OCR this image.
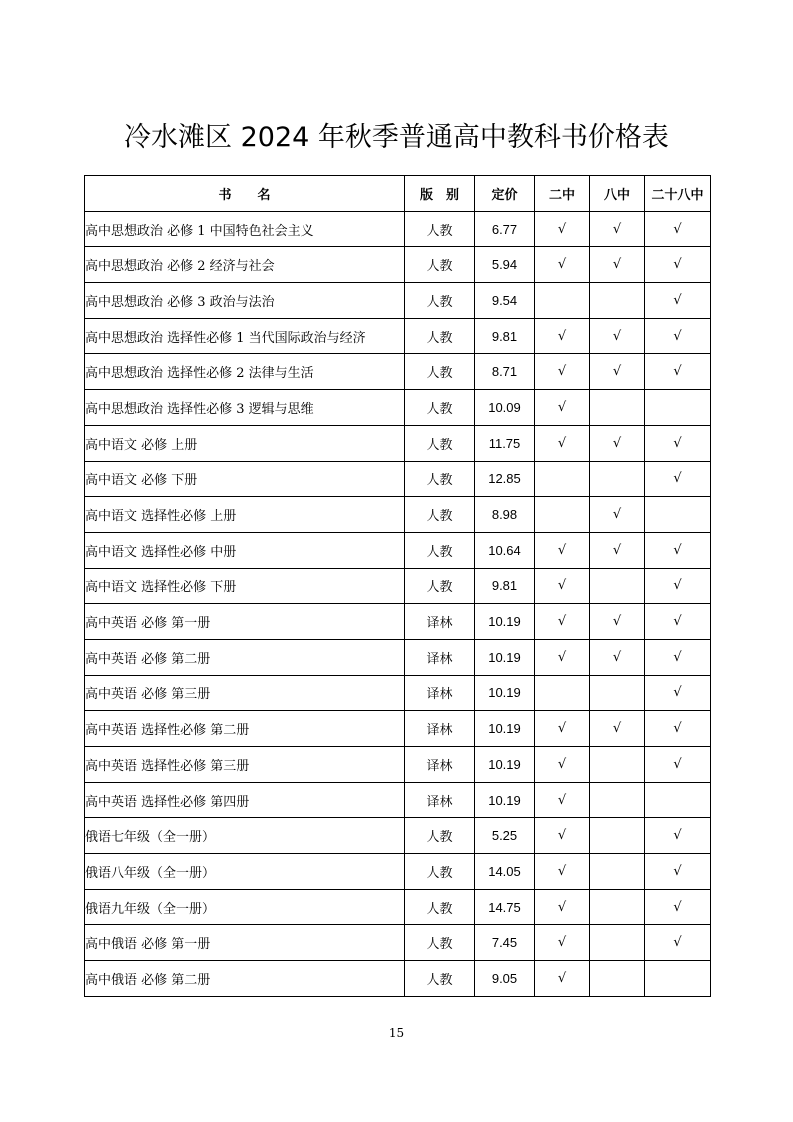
冷水滩区 2024 年秋季普通高中教科书价格表
书　　名	版　别	定价	二中	八中	二十八中
高中思想政治 必修 1 中国特色社会主义	人教	6.77	√	√	√
高中思想政治 必修 2 经济与社会	人教	5.94	√	√	√
高中思想政治 必修 3 政治与法治	人教	9.54			√
高中思想政治 选择性必修 1 当代国际政治与经济	人教	9.81	√	√	√
高中思想政治 选择性必修 2 法律与生活	人教	8.71	√	√	√
高中思想政治 选择性必修 3 逻辑与思维	人教	10.09	√		
高中语文 必修 上册	人教	11.75	√	√	√
高中语文 必修 下册	人教	12.85			√
高中语文 选择性必修 上册	人教	8.98		√	
高中语文 选择性必修 中册	人教	10.64	√	√	√
高中语文 选择性必修 下册	人教	9.81	√		√
高中英语 必修 第一册	译林	10.19	√	√	√
高中英语 必修 第二册	译林	10.19	√	√	√
高中英语 必修 第三册	译林	10.19			√
高中英语 选择性必修 第二册	译林	10.19	√	√	√
高中英语 选择性必修 第三册	译林	10.19	√		√
高中英语 选择性必修 第四册	译林	10.19	√		
俄语七年级（全一册）	人教	5.25	√		√
俄语八年级（全一册）	人教	14.05	√		√
俄语九年级（全一册）	人教	14.75	√		√
高中俄语 必修 第一册	人教	7.45	√		√
高中俄语 必修 第二册	人教	9.05	√		
15
